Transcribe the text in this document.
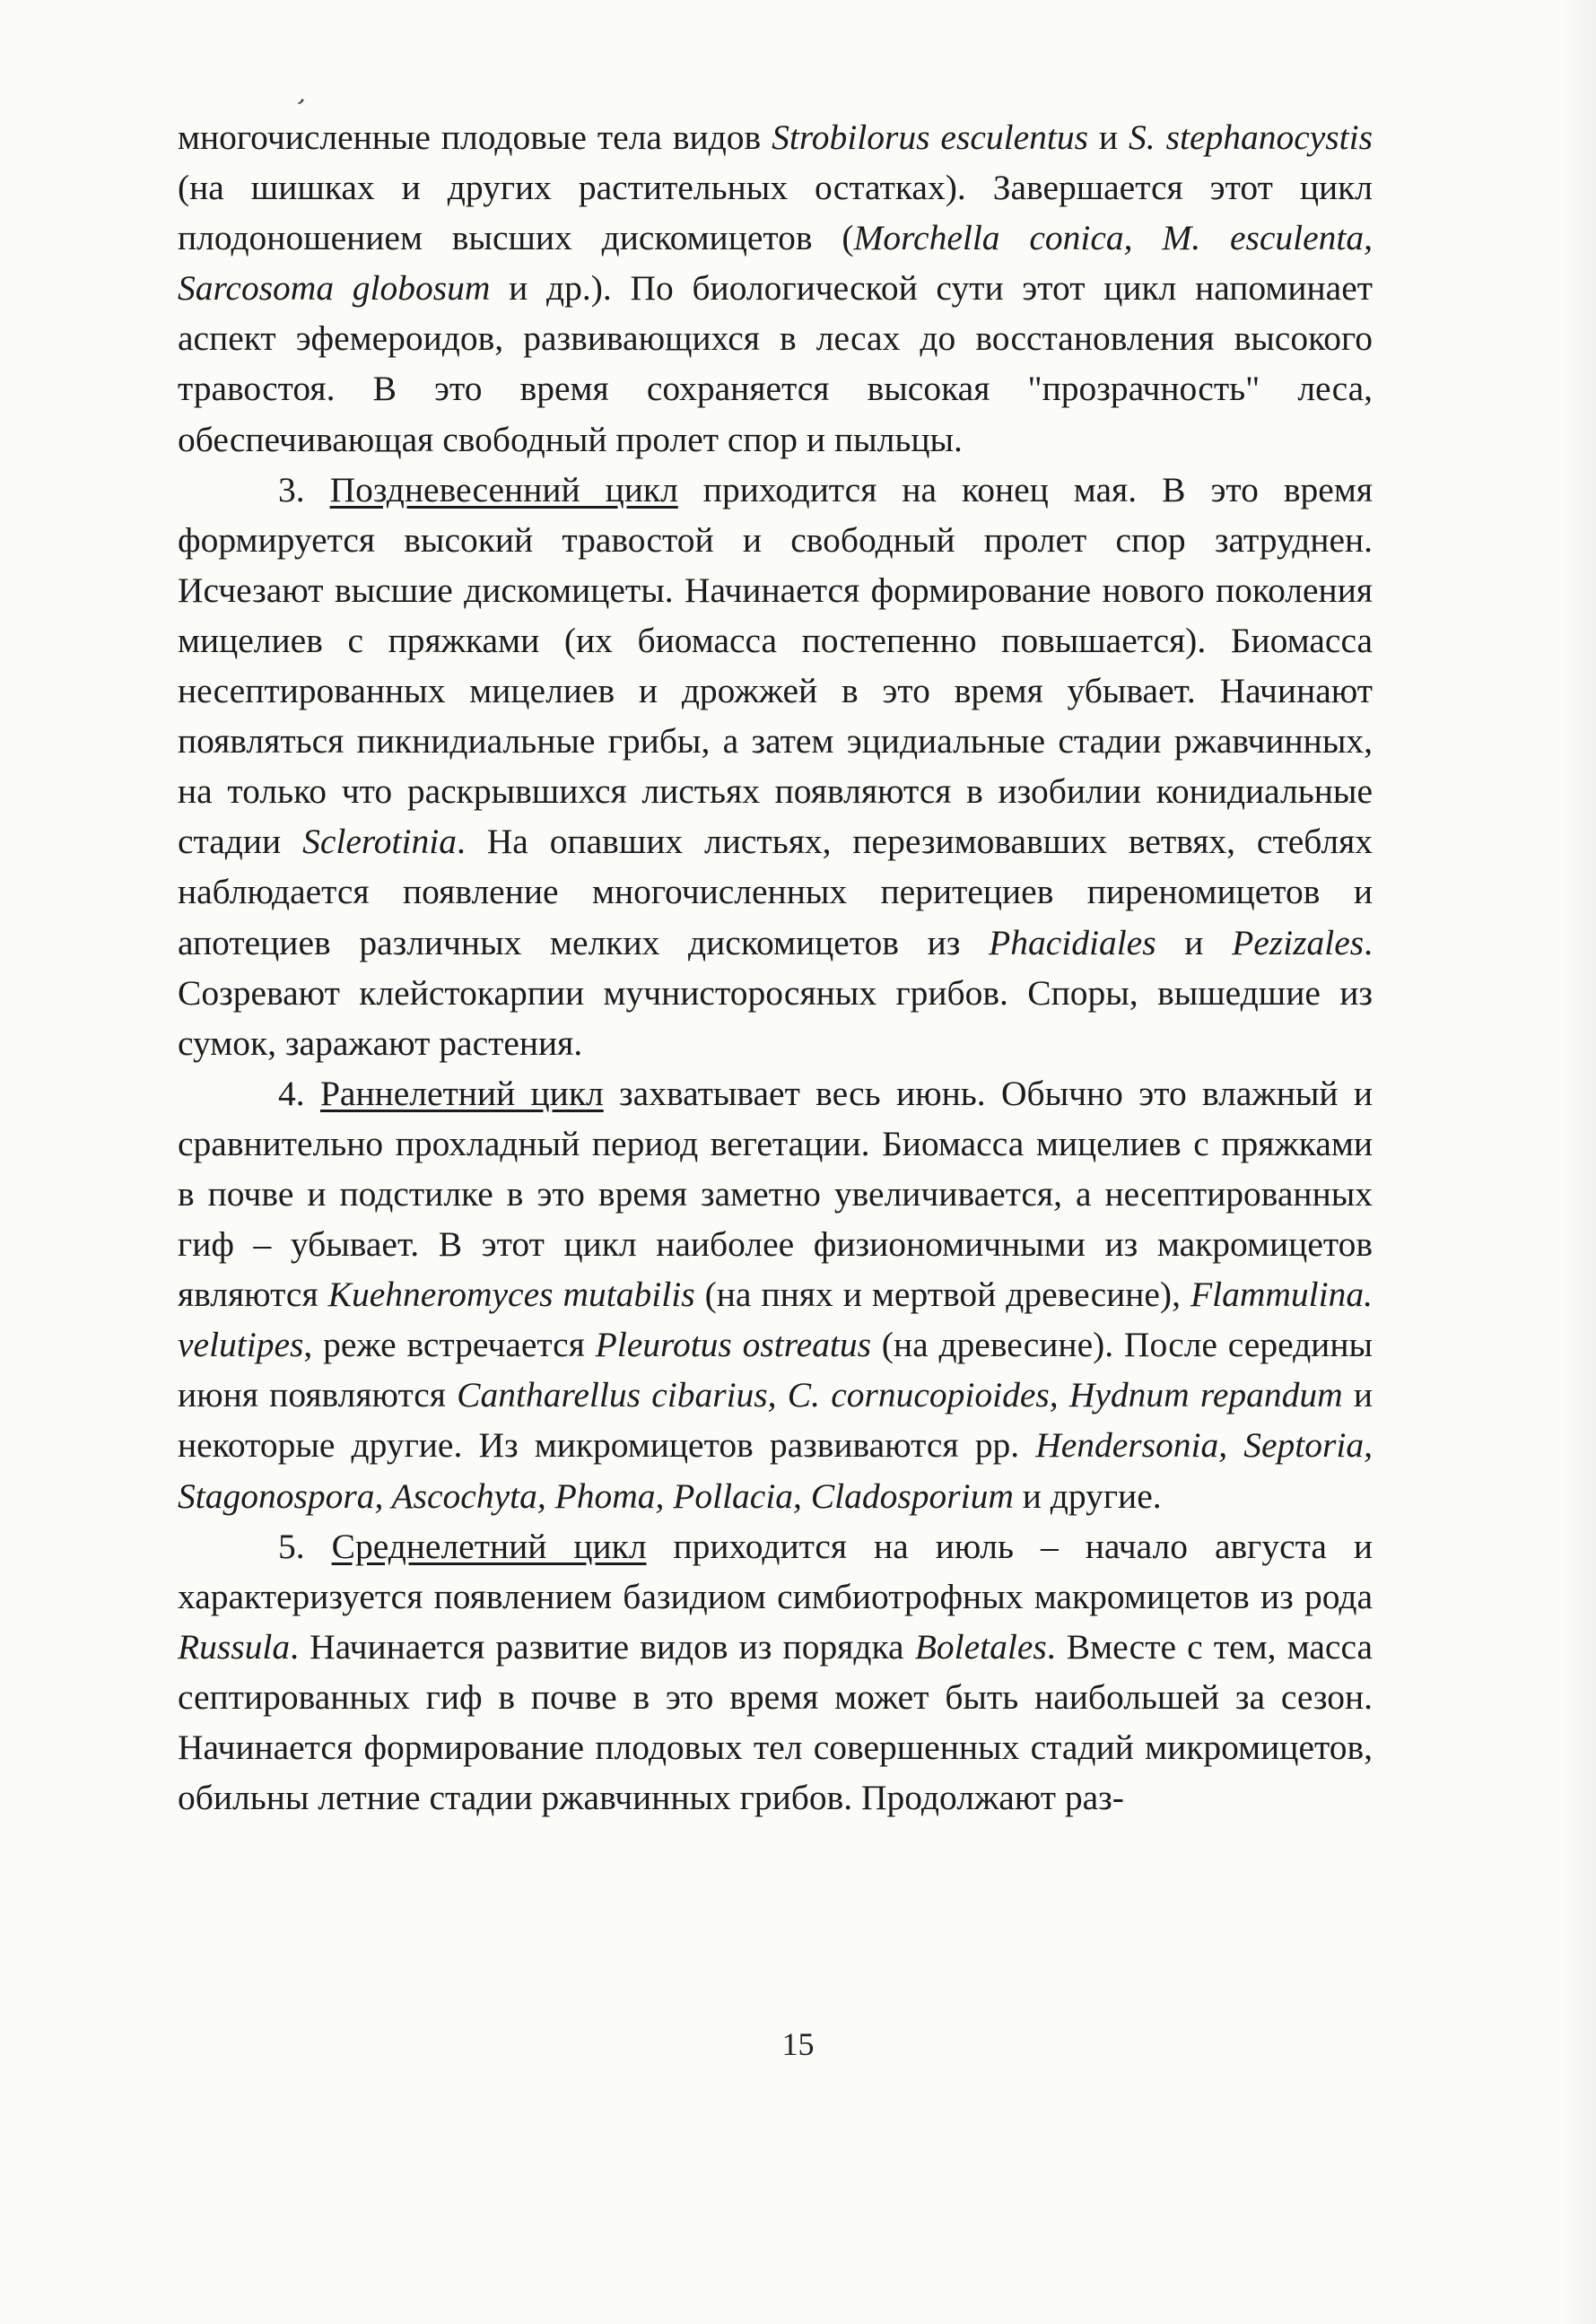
,

многочисленные плодовые тела видов Strobilorus esculentus и S. stephanocystis (на шишках и других растительных остатках). Завершается этот цикл плодоношением высших дискомицетов (Morchella conica, M. esculenta, Sarcosoma globosum и др.). По биологической сути этот цикл напоминает аспект эфемероидов, развивающихся в лесах до восстановления высокого травостоя. В это время сохраняется высокая "прозрачность" леса, обеспечивающая свободный пролет спор и пыльцы.

3. Поздневесенний цикл приходится на конец мая. В это время формируется высокий травостой и свободный пролет спор затруднен. Исчезают высшие дискомицеты. Начинается формирование нового поколения мицелиев с пряжками (их биомасса постепенно повышается). Биомасса несептированных мицелиев и дрожжей в это время убывает. Начинают появляться пикнидиальные грибы, а затем эцидиальные стадии ржавчинных, на только что раскрывшихся листьях появляются в изобилии конидиальные стадии Sclerotinia. На опавших листьях, перезимовавших ветвях, стеблях наблюдается появление многочисленных перитециев пиреномицетов и апотециев различных мелких дискомицетов из Phacidiales и Pezizales. Созревают клейстокарпии мучнисторосяных грибов. Споры, вышедшие из сумок, заражают растения.

4. Раннелетний цикл захватывает весь июнь. Обычно это влажный и сравнительно прохладный период вегетации. Биомасса мицелиев с пряжками в почве и подстилке в это время заметно увеличивается, а несептированных гиф – убывает. В этот цикл наиболее физиономичными из макромицетов являются Kuehneromyces mutabilis (на пнях и мертвой древесине), Flammulina. velutipes, реже встречается Pleurotus ostreatus (на древесине). После середины июня появляются Cantharellus cibarius, C. cornucopioides, Hydnum repandum и некоторые другие. Из микромицетов развиваются рр. Hendersonia, Septoria, Stagonospora, Ascochyta, Phoma, Pollacia, Cladosporium и другие.

5. Среднелетний цикл приходится на июль – начало августа и характеризуется появлением базидиом симбиотрофных макромицетов из рода Russula. Начинается развитие видов из порядка Boletales. Вместе с тем, масса септированных гиф в почве в это время может быть наибольшей за сезон. Начинается формирование плодовых тел совершенных стадий микромицетов, обильны летние стадии ржавчинных грибов. Продолжают раз-

15
